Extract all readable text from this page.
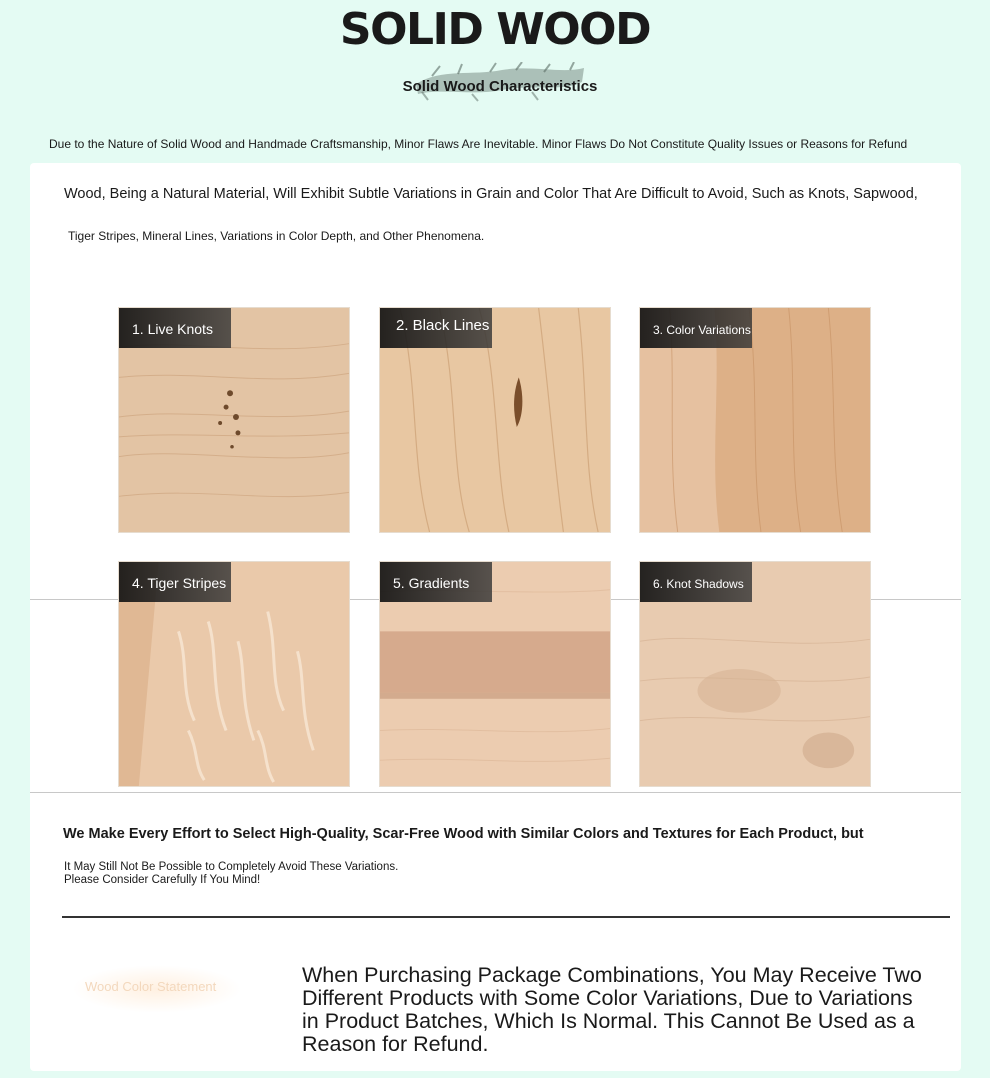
SOLID WOOD
Solid Wood Characteristics
Due to the Nature of Solid Wood and Handmade Craftsmanship, Minor Flaws Are Inevitable. Minor Flaws Do Not Constitute Quality Issues or Reasons for Refund
Wood, Being a Natural Material, Will Exhibit Subtle Variations in Grain and Color That Are Difficult to Avoid, Such as Knots, Sapwood,
Tiger Stripes, Mineral Lines, Variations in Color Depth, and Other Phenomena.
1. Live Knots	2. Black Lines	3. Color Variations
4. Tiger Stripes	5. Gradients	6. Knot Shadows
We Make Every Effort to Select High-Quality, Scar-Free Wood with Similar Colors and Textures for Each Product, but
It May Still Not Be Possible to Completely Avoid These Variations.
Please Consider Carefully If You Mind!
Wood Color Statement	When Purchasing Package Combinations, You May Receive Two Different Products with Some Color Variations, Due to Variations in Product Batches, Which Is Normal. This Cannot Be Used as a Reason for Refund.
